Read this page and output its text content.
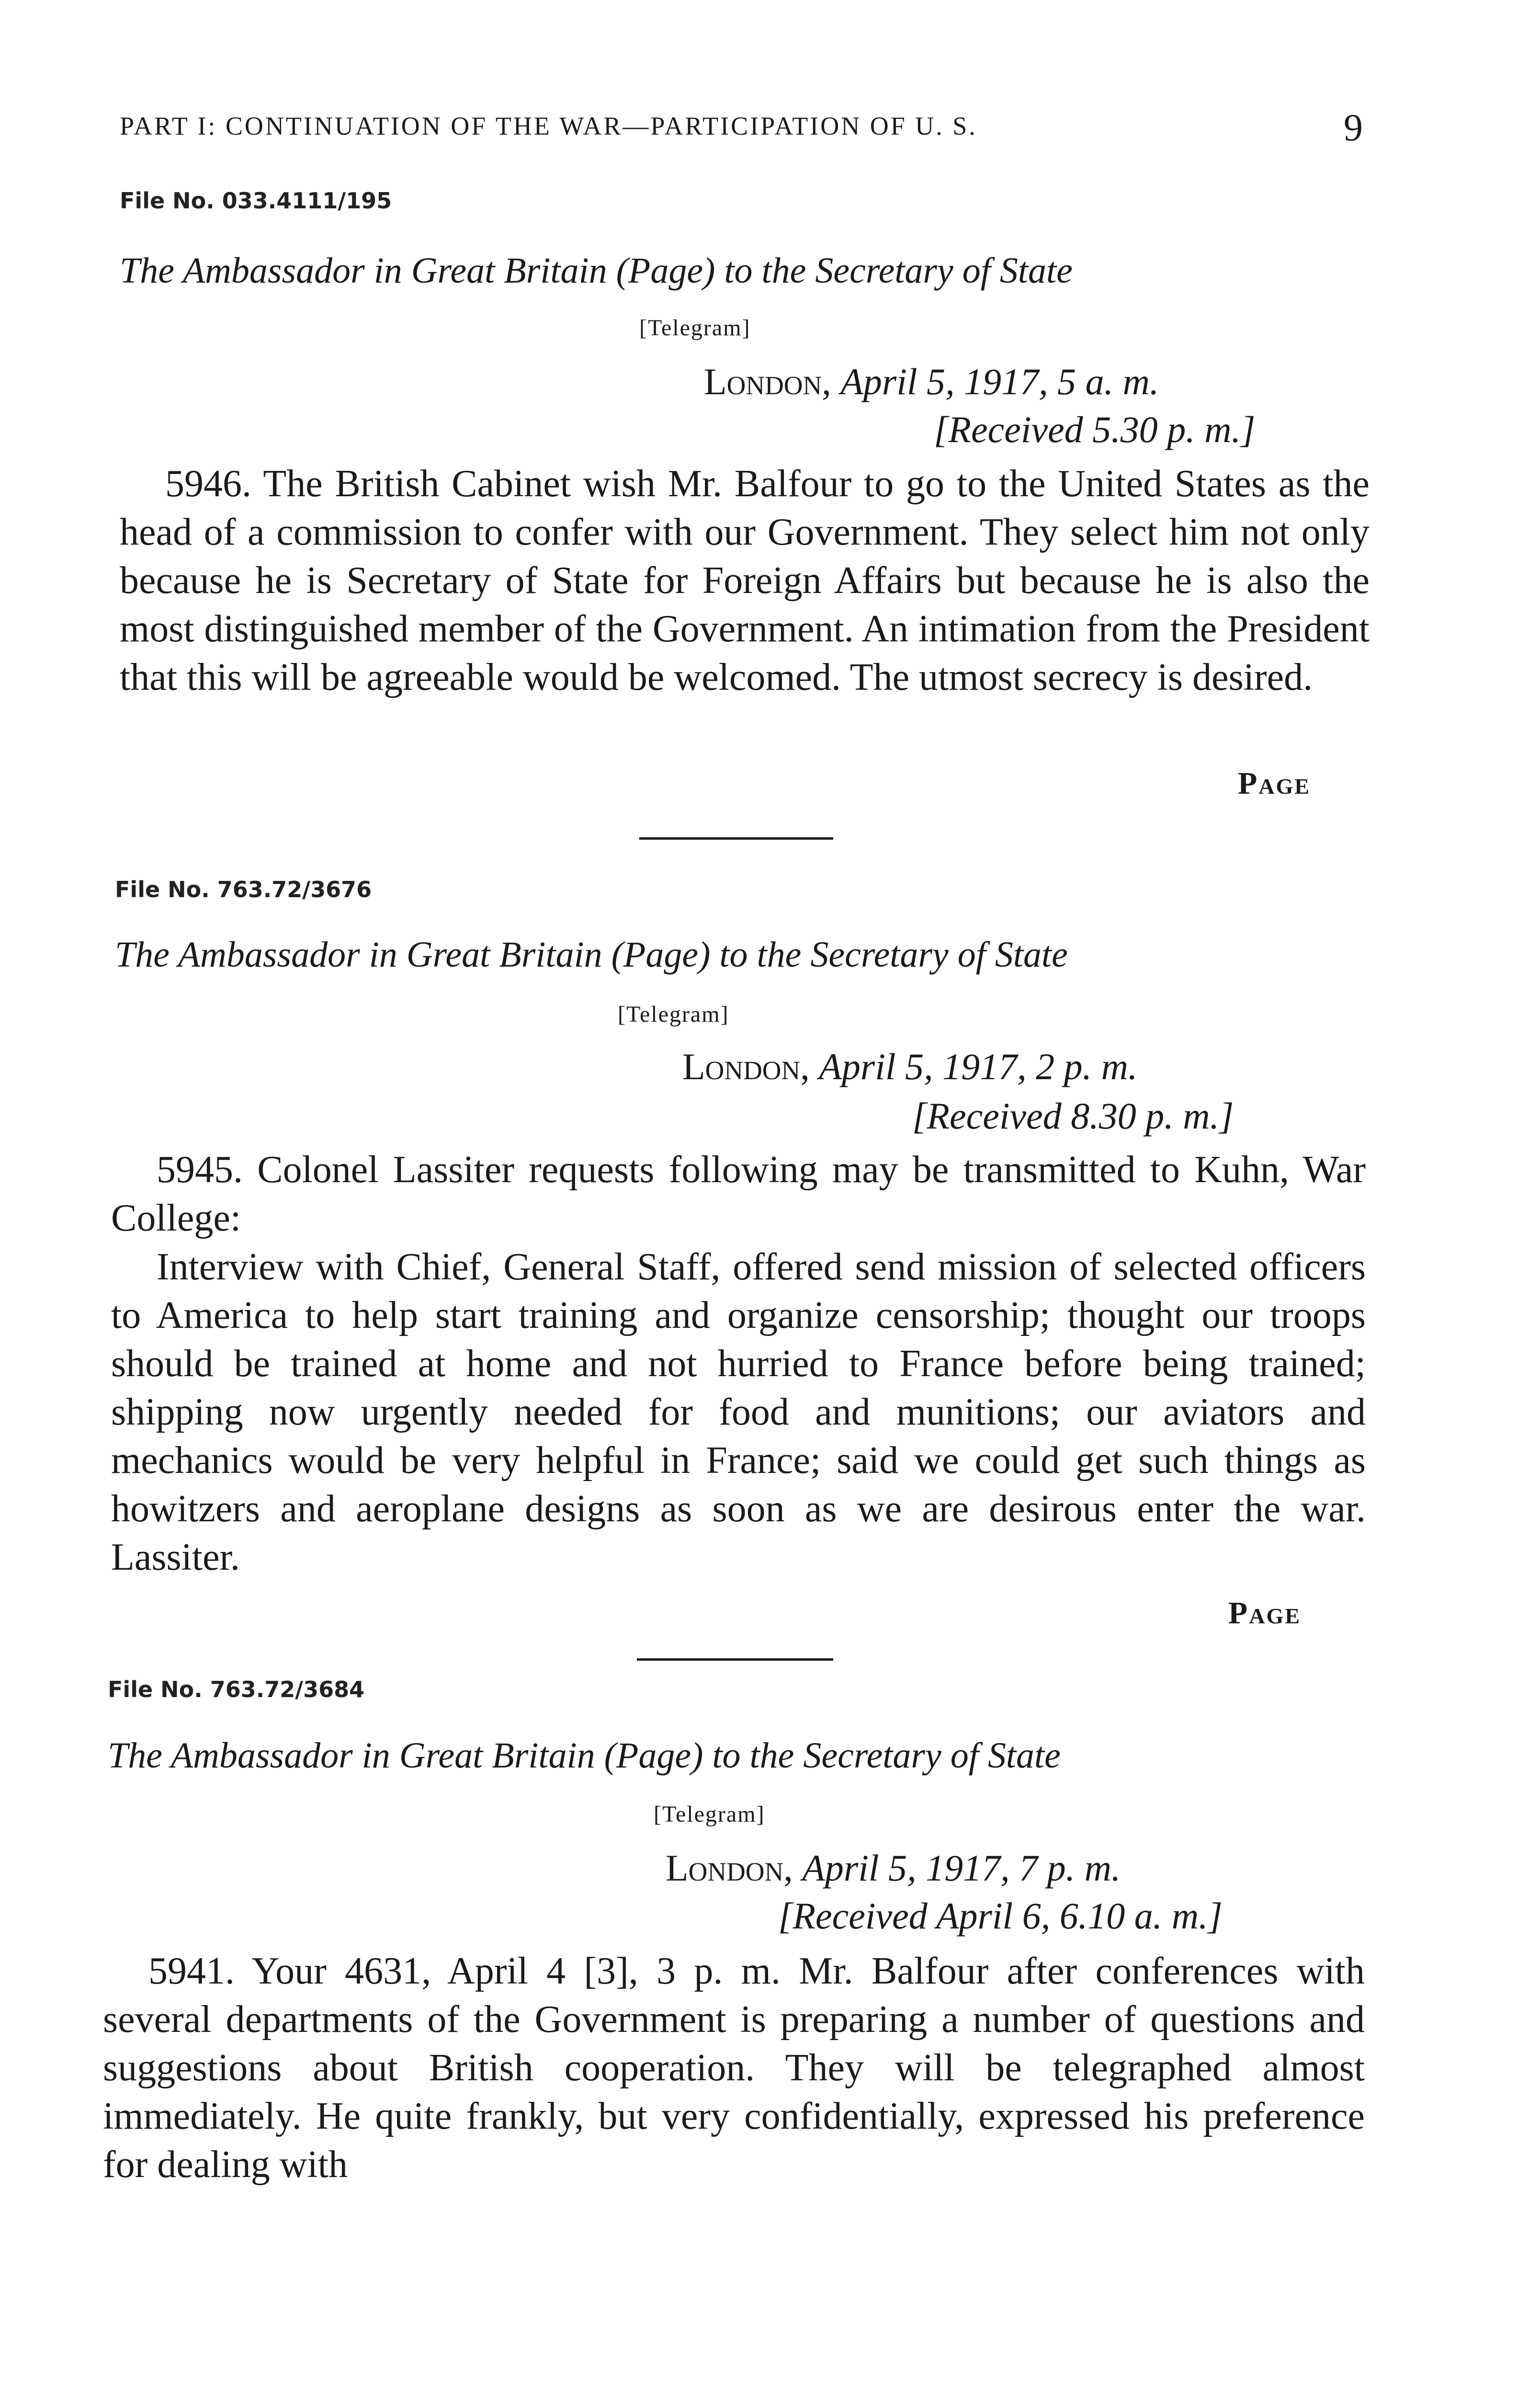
PART I: CONTINUATION OF THE WAR—PARTICIPATION OF U. S.	9
File No. 033.4111/195
The Ambassador in Great Britain (Page) to the Secretary of State
[Telegram]
London, April 5, 1917, 5 a. m.
[Received 5.30 p. m.]

5946. The British Cabinet wish Mr. Balfour to go to the United States as the head of a commission to confer with our Government. They select him not only because he is Secretary of State for Foreign Affairs but because he is also the most distinguished member of the Government. An intimation from the President that this will be agreeable would be welcomed. The utmost secrecy is desired.

Page
File No. 763.72/3676
The Ambassador in Great Britain (Page) to the Secretary of State
[Telegram]
London, April 5, 1917, 2 p. m.
[Received 8.30 p. m.]

5945. Colonel Lassiter requests following may be transmitted to Kuhn, War College:

Interview with Chief, General Staff, offered send mission of selected officers to America to help start training and organize censorship; thought our troops should be trained at home and not hurried to France before being trained; shipping now urgently needed for food and munitions; our aviators and mechanics would be very helpful in France; said we could get such things as howitzers and aeroplane designs as soon as we are desirous enter the war. Lassiter.

Page
File No. 763.72/3684
The Ambassador in Great Britain (Page) to the Secretary of State
[Telegram]
London, April 5, 1917, 7 p. m.
[Received April 6, 6.10 a. m.]

5941. Your 4631, April 4 [3], 3 p. m. Mr. Balfour after conferences with several departments of the Government is preparing a number of questions and suggestions about British cooperation. They will be telegraphed almost immediately. He quite frankly, but very confidentially, expressed his preference for dealing with
